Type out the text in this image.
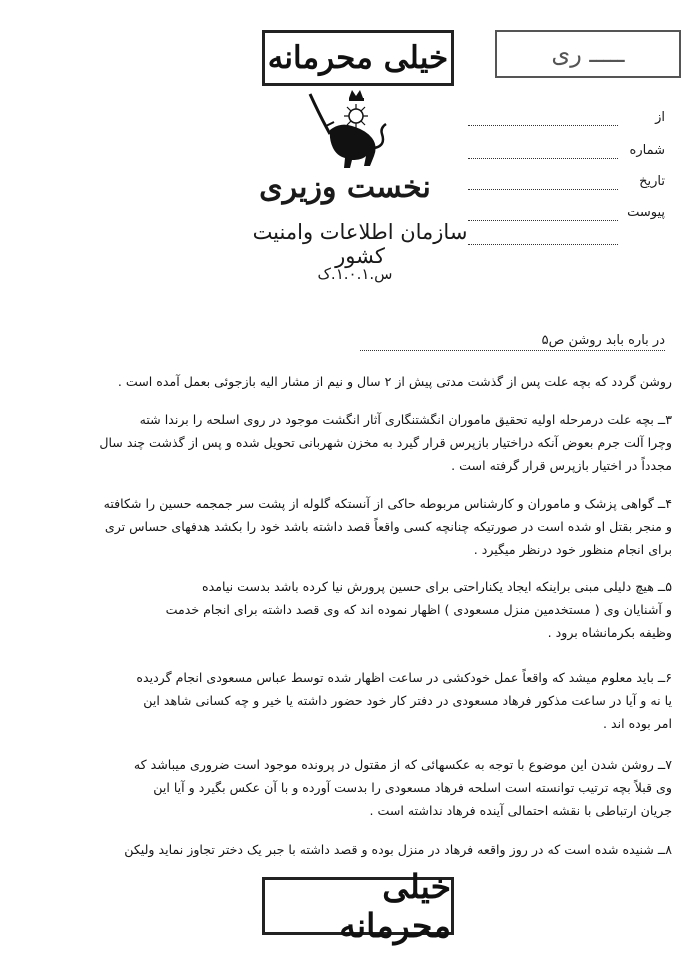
خیلی محرمانه	ـــــ ری
نخست وزیری
سازمان اطلاعات وامنیت کشور
س.۱.۰.۱.ک
از
شماره
تاریخ
پیوست
در باره بابد روشن ص۵
روشن گردد که بچه علت پس از گذشت مدتی پیش از ۲ سال و نیم از مشار الیه بازجوئی بعمل آمده است .
۳ــ بچه علت درمرحله اولیه تحقیق ماموران انگشتنگاری آثار انگشت موجود در روی اسلحه را برندا شته
وچرا آلت جرم بعوض آنکه دراختیار بازپرس قرار گیرد به مخزن شهربانی تحویل شده و پس از گذشت چند سال
مجدداً در اختیار بازپرس قرار گرفته است .
۴ــ گواهی پزشک و ماموران و کارشناس مربوطه حاکی از آنستکه گلوله از پشت سر جمجمه حسین را شکافته
و منجر بقتل او شده است در صورتیکه چنانچه کسی واقعاً قصد داشته باشد خود را بکشد هدفهای حساس تری
برای انجام منظور خود درنظر میگیرد .
۵ــ هیچ دلیلی مبنی براینکه ایجاد یکناراحتی برای حسین پرورش نیا کرده باشد بدست نیامده
و آشنایان وی ( مستخدمین منزل مسعودی ) اظهار نموده اند که وی قصد داشته برای انجام خدمت
وظیفه بکرمانشاه برود .
۶ــ باید معلوم میشد که واقعاً عمل خودکشی در ساعت اظهار شده توسط عباس مسعودی انجام گردیده
یا نه و آیا در ساعت مذکور فرهاد مسعودی در دفتر کار خود حضور داشته یا خیر و چه کسانی شاهد این
امر بوده اند .
۷ــ روشن شدن این موضوع با توجه به عکسهائی که از مقتول در پرونده موجود است ضروری میباشد که
وی قبلاً بچه ترتیب توانسته است اسلحه فرهاد مسعودی را بدست آورده و با آن عکس بگیرد و آیا این
جریان ارتباطی با نقشه احتمالی آینده فرهاد نداشته است .
۸ــ شنیده شده است که در روز واقعه فرهاد در منزل بوده و قصد داشته با جبر یک دختر تجاوز نماید ولیکن
خیلی محرمانه
